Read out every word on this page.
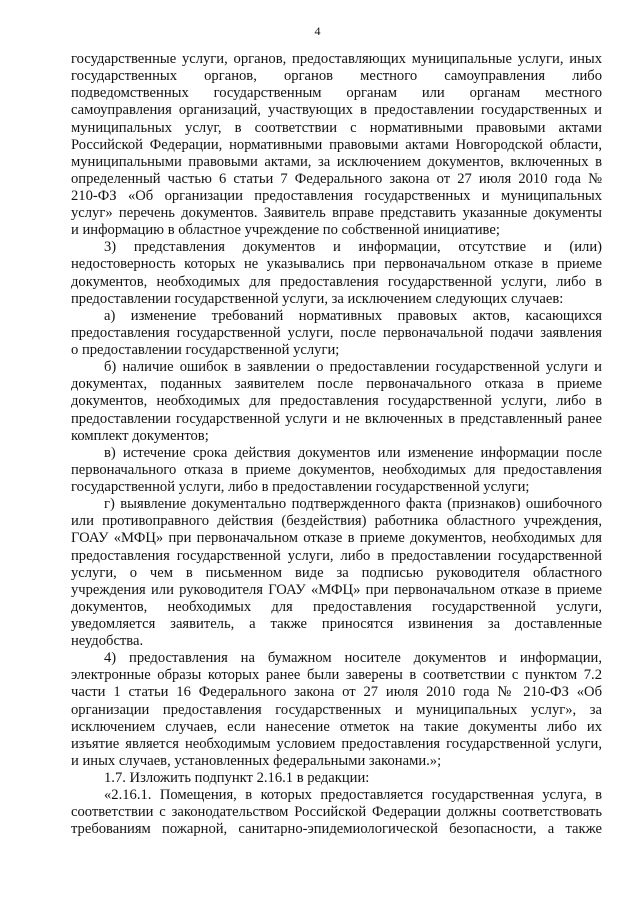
4
государственные услуги, органов, предоставляющих муниципальные услуги, иных
государственных органов, органов местного самоуправления либо
подведомственных государственным органам или органам местного
самоуправления организаций, участвующих в предоставлении государственных и
муниципальных услуг, в соответствии с нормативными правовыми актами
Российской Федерации, нормативными правовыми актами Новгородской области,
муниципальными правовыми актами, за исключением документов, включенных в
определенный частью 6 статьи 7 Федерального закона от 27 июля 2010 года №
210-ФЗ «Об организации предоставления государственных и муниципальных
услуг» перечень документов. Заявитель вправе представить указанные документы
и информацию в областное учреждение по собственной инициативе;
3) представления документов и информации, отсутствие и (или)
недостоверность которых не указывались при первоначальном отказе в приеме
документов, необходимых для предоставления государственной услуги, либо в
предоставлении государственной услуги, за исключением следующих случаев:
а) изменение требований нормативных правовых актов, касающихся
предоставления государственной услуги, после первоначальной подачи заявления
о предоставлении государственной услуги;
б) наличие ошибок в заявлении о предоставлении государственной услуги и
документах, поданных заявителем после первоначального отказа в приеме
документов, необходимых для предоставления государственной услуги, либо в
предоставлении государственной услуги и не включенных в представленный ранее
комплект документов;
в) истечение срока действия документов или изменение информации после
первоначального отказа в приеме документов, необходимых для предоставления
государственной услуги, либо в предоставлении государственной услуги;
г) выявление документально подтвержденного факта (признаков) ошибочного
или противоправного действия (бездействия) работника областного учреждения,
ГОАУ «МФЦ» при первоначальном отказе в приеме документов, необходимых для
предоставления государственной услуги, либо в предоставлении государственной
услуги, о чем в письменном виде за подписью руководителя областного
учреждения или руководителя ГОАУ «МФЦ» при первоначальном отказе в приеме
документов, необходимых для предоставления государственной услуги,
уведомляется заявитель, а также приносятся извинения за доставленные
неудобства.
4) предоставления на бумажном носителе документов и информации,
электронные образы которых ранее были заверены в соответствии с пунктом 7.2
части 1 статьи 16 Федерального закона от 27 июля 2010 года № 210-ФЗ «Об
организации предоставления государственных и муниципальных услуг», за
исключением случаев, если нанесение отметок на такие документы либо их
изъятие является необходимым условием предоставления государственной услуги,
и иных случаев, установленных федеральными законами.»;
1.7. Изложить подпункт 2.16.1 в редакции:
«2.16.1. Помещения, в которых предоставляется государственная услуга, в
соответствии с законодательством Российской Федерации должны соответствовать
требованиям пожарной, санитарно-эпидемиологической безопасности, а также
